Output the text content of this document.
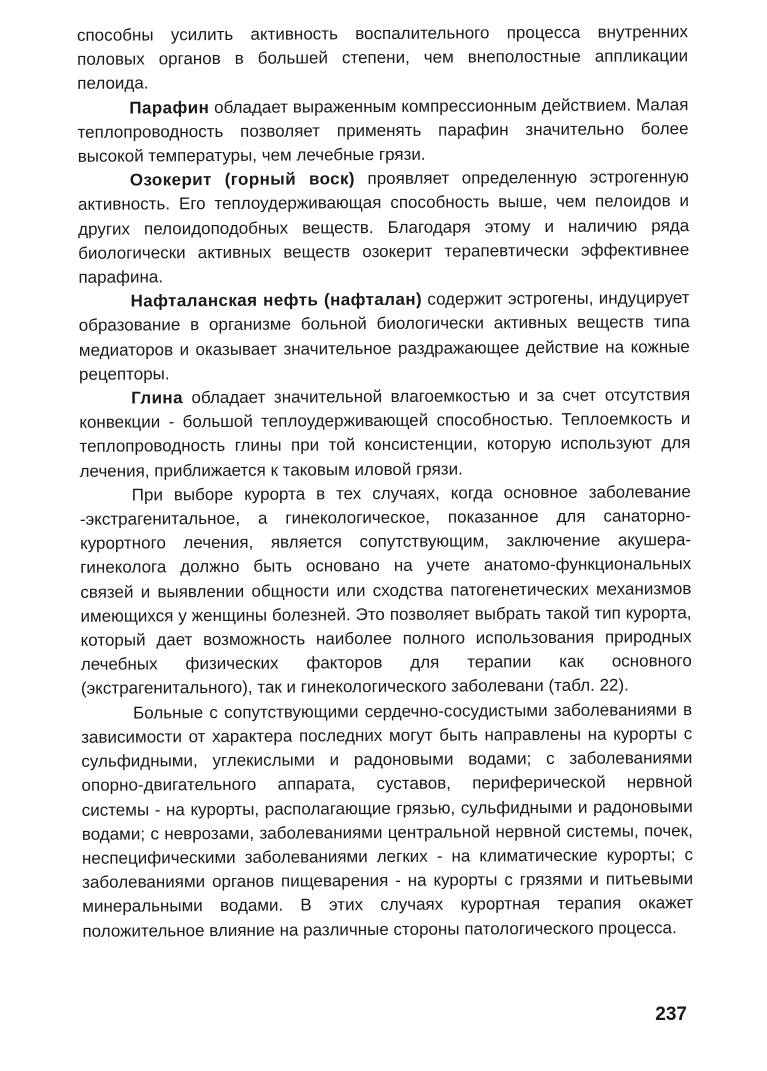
способны усилить активность воспалительного процесса внутренних половых органов в большей степени, чем внеполостные аппликации пелоида.

Парафин обладает выраженным компрессионным действием. Малая теплопроводность позволяет применять парафин значительно более высокой температуры, чем лечебные грязи.

Озокерит (горный воск) проявляет определенную эстрогенную активность. Его теплоудерживающая способность выше, чем пелоидов и других пелоидоподобных веществ. Благодаря этому и наличию ряда биологически активных веществ озокерит терапевтически эффективнее парафина.

Нафталанская нефть (нафталан) содержит эстрогены, индуцирует образование в организме больной биологически активных веществ типа медиаторов и оказывает значительное раздражающее действие на кожные рецепторы.

Глина обладает значительной влагоемкостью и за счет отсутствия конвекции - большой теплоудерживающей способностью. Теплоемкость и теплопроводность глины при той консистенции, которую используют для лечения, приближается к таковым иловой грязи.

При выборе курорта в тех случаях, когда основное заболевание -экстрагенитальное, а гинекологическое, показанное для санаторно-курортного лечения, является сопутствующим, заключение акушера-гинеколога должно быть основано на учете анатомо-функциональных связей и выявлении общности или сходства патогенетических механизмов имеющихся у женщины болезней. Это позволяет выбрать такой тип курорта, который дает возможность наиболее полного использования природных лечебных физических факторов для терапии как основного (экстрагенитального), так и гинекологического заболевани (табл. 22).

Больные с сопутствующими сердечно-сосудистыми заболеваниями в зависимости от характера последних могут быть направлены на курорты с сульфидными, углекислыми и радоновыми водами; с заболеваниями опорно-двигательного аппарата, суставов, периферической нервной системы - на курорты, располагающие грязью, сульфидными и радоновыми водами; с неврозами, заболеваниями центральной нервной системы, почек, неспецифическими заболеваниями легких - на климатические курорты; с заболеваниями органов пищеварения - на курорты с грязями и питьевыми минеральными водами. В этих случаях курортная терапия окажет положительное влияние на различные стороны патологического процесса.

237
